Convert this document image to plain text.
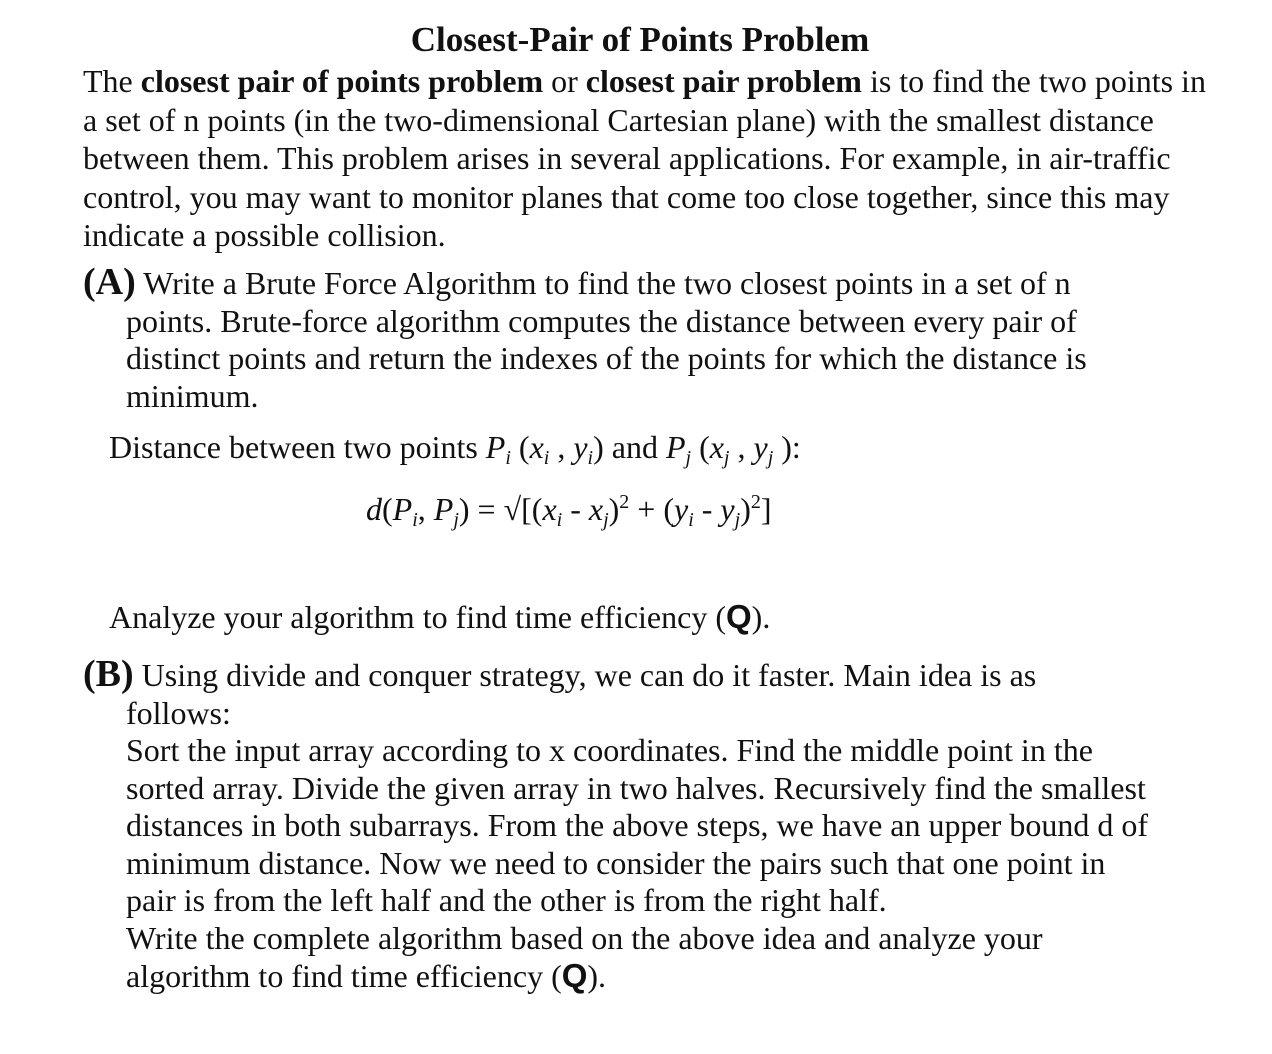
Closest-Pair of Points Problem

The closest pair of points problem or closest pair problem is to find the two points in a set of n points (in the two-dimensional Cartesian plane) with the smallest distance between them. This problem arises in several applications. For example, in air-traffic control, you may want to monitor planes that come too close together, since this may indicate a possible collision.

(A) Write a Brute Force Algorithm to find the two closest points in a set of n

points. Brute-force algorithm computes the distance between every pair of

distinct points and return the indexes of the points for which the distance is

minimum.

Distance between two points $P_i$ ($x_i$ , $y_i$) and $P_j$ ($x_j$ , $y_j$ ):
$d(P_i$, $P_j) = √[(x_i - x_j)^2 + (y_i - y_j)^2]$
Analyze your algorithm to find time efficiency (Q).

(B) Using divide and conquer strategy, we can do it faster. Main idea is as

follows:

Sort the input array according to x coordinates. Find the middle point in the

sorted array. Divide the given array in two halves. Recursively find the smallest

distances in both subarrays. From the above steps, we have an upper bound d of

minimum distance. Now we need to consider the pairs such that one point in

pair is from the left half and the other is from the right half.

Write the complete algorithm based on the above idea and analyze your

algorithm to find time efficiency (Q).
